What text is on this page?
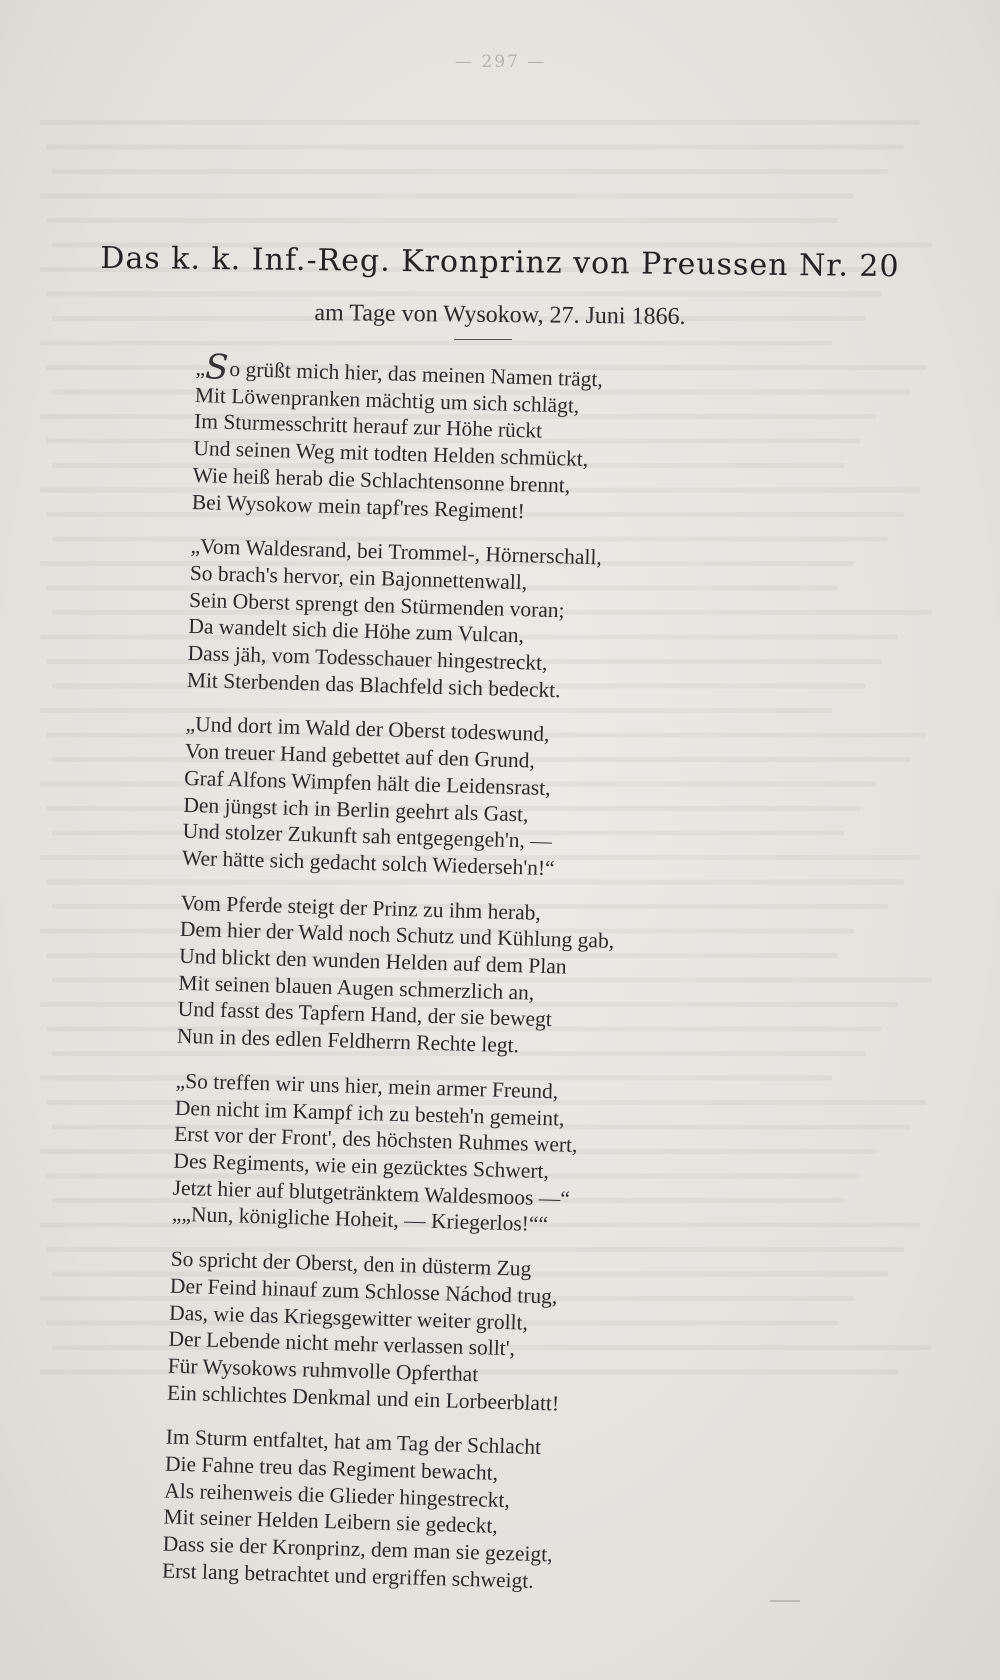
— 297 —
Das k. k. Inf.-Reg. Kronprinz von Preussen Nr. 20
am Tage von Wysokow, 27. Juni 1866.
„So grüßt mich hier, das meinen Namen trägt,
Mit Löwenpranken mächtig um sich schlägt,
Im Sturmesschritt herauf zur Höhe rückt
Und seinen Weg mit todten Helden schmückt,
Wie heiß herab die Schlachtensonne brennt,
Bei Wysokow mein tapf'res Regiment!
„Vom Waldesrand, bei Trommel-, Hörnerschall,
So brach's hervor, ein Bajonnettenwall,
Sein Oberst sprengt den Stürmenden voran;
Da wandelt sich die Höhe zum Vulcan,
Dass jäh, vom Todesschauer hingestreckt,
Mit Sterbenden das Blachfeld sich bedeckt.
„Und dort im Wald der Oberst todeswund,
Von treuer Hand gebettet auf den Grund,
Graf Alfons Wimpfen hält die Leidensrast,
Den jüngst ich in Berlin geehrt als Gast,
Und stolzer Zukunft sah entgegengeh'n, —
Wer hätte sich gedacht solch Wiederseh'n!“
Vom Pferde steigt der Prinz zu ihm herab,
Dem hier der Wald noch Schutz und Kühlung gab,
Und blickt den wunden Helden auf dem Plan
Mit seinen blauen Augen schmerzlich an,
Und fasst des Tapfern Hand, der sie bewegt
Nun in des edlen Feldherrn Rechte legt.
„So treffen wir uns hier, mein armer Freund,
Den nicht im Kampf ich zu besteh'n gemeint,
Erst vor der Front', des höchsten Ruhmes wert,
Des Regiments, wie ein gezücktes Schwert,
Jetzt hier auf blutgetränktem Waldesmoos —“
„„Nun, königliche Hoheit, — Kriegerlos!““
So spricht der Oberst, den in düsterm Zug
Der Feind hinauf zum Schlosse Náchod trug,
Das, wie das Kriegsgewitter weiter grollt,
Der Lebende nicht mehr verlassen sollt',
Für Wysokows ruhmvolle Opferthat
Ein schlichtes Denkmal und ein Lorbeerblatt!
Im Sturm entfaltet, hat am Tag der Schlacht
Die Fahne treu das Regiment bewacht,
Als reihenweis die Glieder hingestreckt,
Mit seiner Helden Leibern sie gedeckt,
Dass sie der Kronprinz, dem man sie gezeigt,
Erst lang betrachtet und ergriffen schweigt.
